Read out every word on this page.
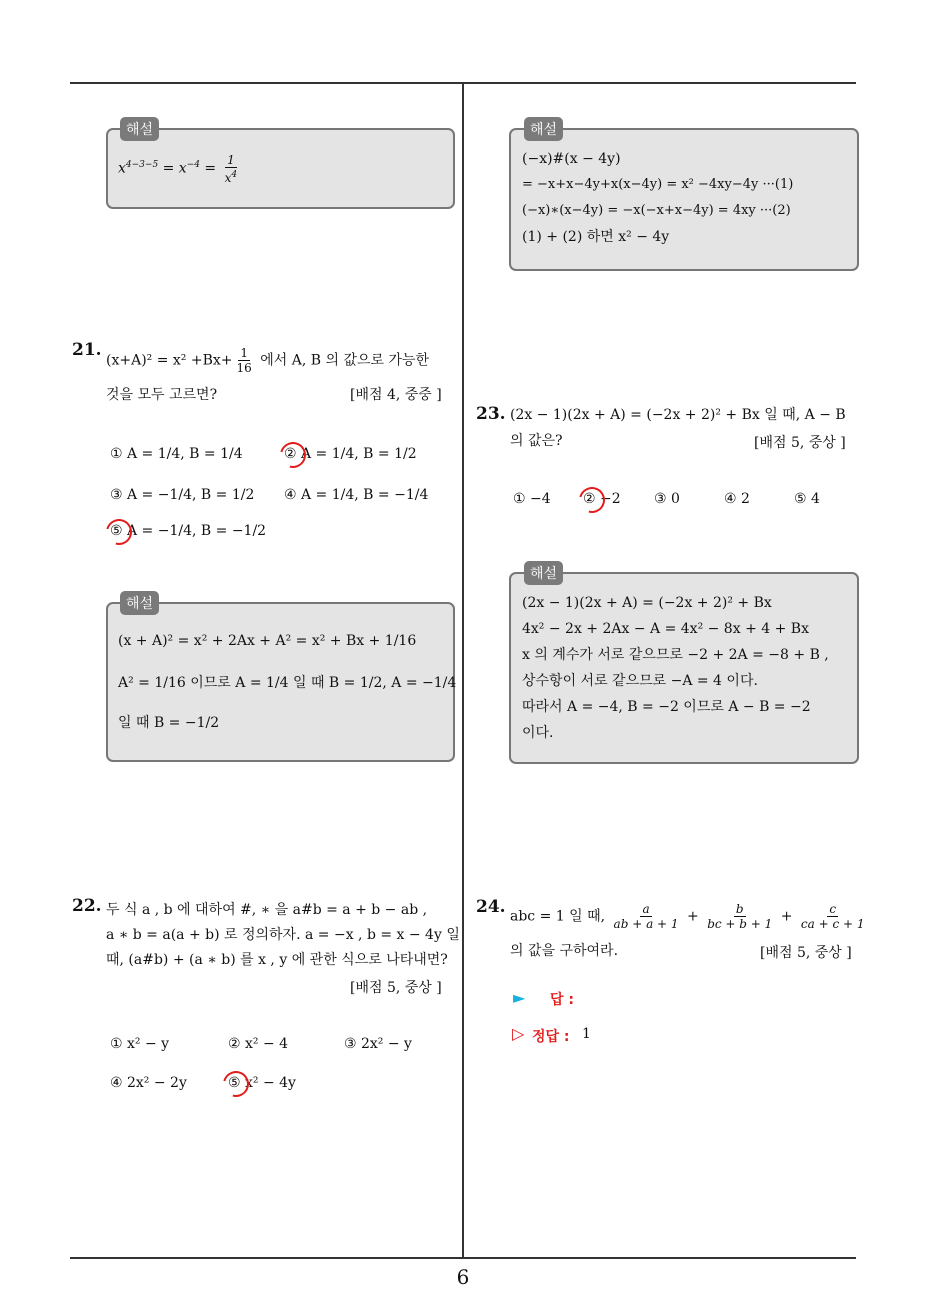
해설
$x^{4-3-5} = x^{-4} = \frac{1}{x^4}$
해설
(−x)#(x − 4y)
= −x+x−4y+x(x−4y) = x² −4xy−4y ···(1)
(−x)∗(x−4y) = −x(−x+x−4y) = 4xy ···(2)
(1) + (2) 하면 x² − 4y
21.
$(x+A)^2 = x^2 +Bx+ \frac{1}{16}$ 에서 A, B 의 값으로 가능한
것을 모두 고르면?	[배점 4, 중중 ]
① A = 1/4, B = 1/4	② A = 1/4, B = 1/2
③ A = −1/4, B = 1/2 ④ A = 1/4, B = −1/4
⑤ A = −1/4, B = −1/2
해설
(x + A)² = x² + 2Ax + A² = x² + Bx + 1/16
A² = 1/16 이므로 A = 1/4 일 때 B = 1/2, A = −1/4
일 때 B = −1/2
22. 두 식 a , b 에 대하여 #, ∗ 을 a#b = a + b − ab ,
a ∗ b = a(a + b) 로 정의하자. a = −x , b = x − 4y 일
때, (a#b) + (a ∗ b) 를 x , y 에 관한 식으로 나타내면?
[배점 5, 중상 ]
① x² − y	② x² − 4	③ 2x² − y
④ 2x² − 2y	⑤ x² − 4y
23. (2x − 1)(2x + A) = (−2x + 2)² + Bx 일 때, A − B
의 값은?	[배점 5, 중상 ]
① −4 ② −2 ③ 0	④ 2	⑤ 4
해설
(2x − 1)(2x + A) = (−2x + 2)² + Bx
4x² − 2x + 2Ax − A = 4x² − 8x + 4 + Bx
x 의 계수가 서로 같으므로 −2 + 2A = −8 + B ,
상수항이 서로 같으므로 −A = 4 이다.
따라서 A = −4, B = −2 이므로 A − B = −2
이다.
24. abc = 1 일 때, $\frac{a}{ab + a + 1} + \frac{b}{bc + b + 1} + \frac{c}{ca + c + 1}$
의 값을 구하여라.	[배점 5, 중상 ]
► 답 :
▷ 정답 : 1
6
